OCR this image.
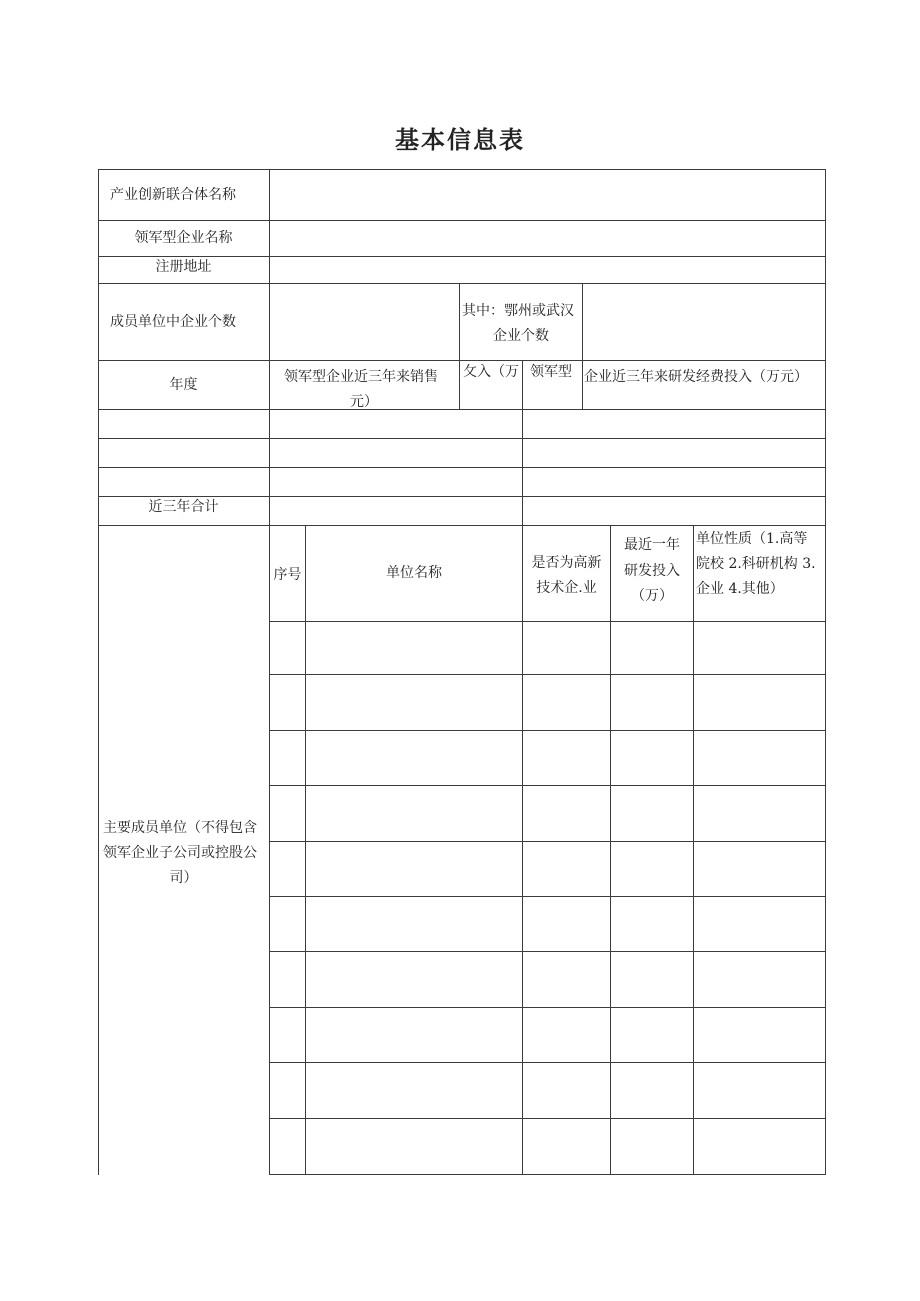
基本信息表
产业创新联合体名称
领军型企业名称
注册地址
成员单位中企业个数
其中：鄂州或武汉
企业个数
年度	领军型企业近三年来销售
元）
攵入（万 领军型 企业近三年来研发经费投入（万元）
近三年合计
序号	单位名称
是否为高新
技术企.业
最近一年
研发投入
（万）
单位性质（1.高等
院校 2.科研机构 3.
企业 4.其他）
主要成员单位（不得包含
领军企业子公司或控股公
司）
